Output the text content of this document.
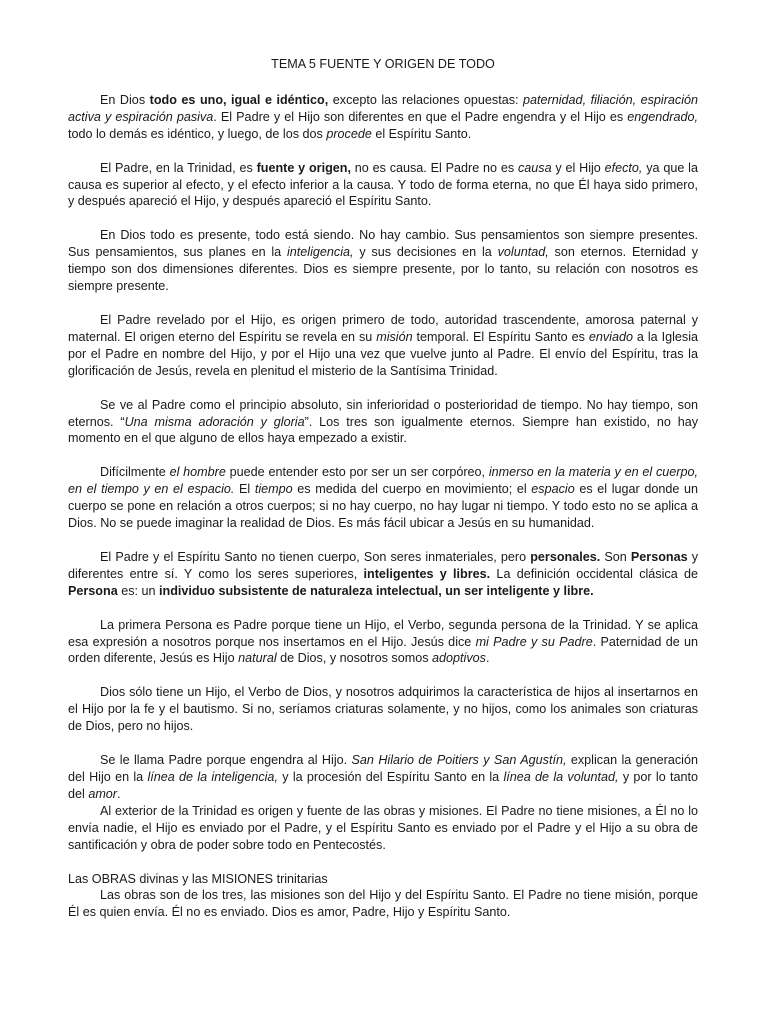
TEMA 5 FUENTE Y ORIGEN DE TODO

En Dios todo es uno, igual e idéntico, excepto las relaciones opuestas: paternidad, filiación, espiración activa y espiración pasiva. El Padre y el Hijo son diferentes en que el Padre engendra y el Hijo es engendrado, todo lo demás es idéntico, y luego, de los dos procede el Espíritu Santo.

El Padre, en la Trinidad, es fuente y origen, no es causa. El Padre no es causa y el Hijo efecto, ya que la causa es superior al efecto, y el efecto inferior a la causa. Y todo de forma eterna, no que Él haya sido primero, y después apareció el Hijo, y después apareció el Espíritu Santo.

En Dios todo es presente, todo está siendo. No hay cambio. Sus pensamientos son siempre presentes. Sus pensamientos, sus planes en la inteligencia, y sus decisiones en la voluntad, son eternos. Eternidad y tiempo son dos dimensiones diferentes. Dios es siempre presente, por lo tanto, su relación con nosotros es siempre presente.

El Padre revelado por el Hijo, es origen primero de todo, autoridad trascendente, amorosa paternal y maternal. El origen eterno del Espíritu se revela en su misión temporal. El Espíritu Santo es enviado a la Iglesia por el Padre en nombre del Hijo, y por el Hijo una vez que vuelve junto al Padre. El envío del Espíritu, tras la glorificación de Jesús, revela en plenitud el misterio de la Santísima Trinidad.

Se ve al Padre como el principio absoluto, sin inferioridad o posterioridad de tiempo. No hay tiempo, son eternos. “Una misma adoración y gloria”. Los tres son igualmente eternos. Siempre han existido, no hay momento en el que alguno de ellos haya empezado a existir.

Difícilmente el hombre puede entender esto por ser un ser corpóreo, inmerso en la materia y en el cuerpo, en el tiempo y en el espacio. El tiempo es medida del cuerpo en movimiento; el espacio es el lugar donde un cuerpo se pone en relación a otros cuerpos; si no hay cuerpo, no hay lugar ni tiempo. Y todo esto no se aplica a Dios. No se puede imaginar la realidad de Dios. Es más fácil ubicar a Jesús en su humanidad.

El Padre y el Espíritu Santo no tienen cuerpo, Son seres inmateriales, pero personales. Son Personas y diferentes entre sí. Y como los seres superiores, inteligentes y libres. La definición occidental clásica de Persona es: un individuo subsistente de naturaleza intelectual, un ser inteligente y libre.

La primera Persona es Padre porque tiene un Hijo, el Verbo, segunda persona de la Trinidad. Y se aplica esa expresión a nosotros porque nos insertamos en el Hijo. Jesús dice mi Padre y su Padre. Paternidad de un orden diferente, Jesús es Hijo natural de Dios, y nosotros somos adoptivos.

Dios sólo tiene un Hijo, el Verbo de Dios, y nosotros adquirimos la característica de hijos al insertarnos en el Hijo por la fe y el bautismo. Si no, seríamos criaturas solamente, y no hijos, como los animales son criaturas de Dios, pero no hijos.

Se le llama Padre porque engendra al Hijo. San Hilario de Poitiers y San Agustín, explican la generación del Hijo en la línea de la inteligencia, y la procesión del Espíritu Santo en la línea de la voluntad, y por lo tanto del amor.

Al exterior de la Trinidad es origen y fuente de las obras y misiones. El Padre no tiene misiones, a Él no lo envía nadie, el Hijo es enviado por el Padre, y el Espíritu Santo es enviado por el Padre y el Hijo a su obra de santificación y obra de poder sobre todo en Pentecostés.

Las OBRAS divinas y las MISIONES trinitarias

Las obras son de los tres, las misiones son del Hijo y del Espíritu Santo. El Padre no tiene misión, porque Él es quien envía. Él no es enviado. Dios es amor, Padre, Hijo y Espíritu Santo.
